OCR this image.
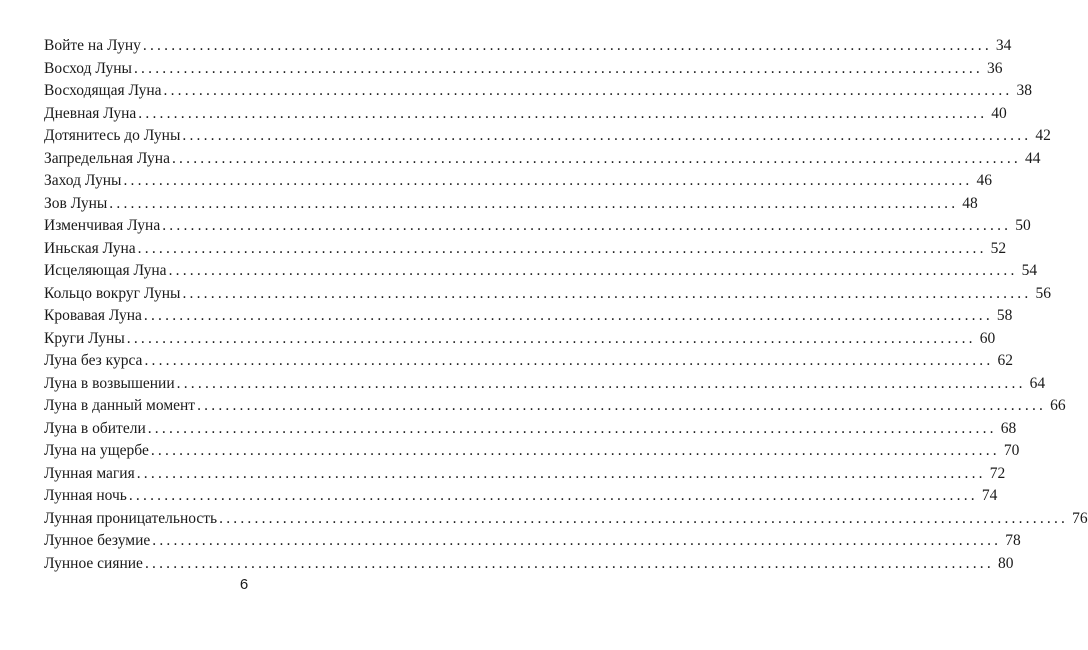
Войте на Луну ........................................................................................................................ 34
Восход Луны ........................................................................................................................ 36
Восходящая Луна ........................................................................................................................ 38
Дневная Луна ........................................................................................................................ 40
Дотянитесь до Луны ........................................................................................................................ 42
Запредельная Луна ........................................................................................................................ 44
Заход Луны ........................................................................................................................ 46
Зов Луны ........................................................................................................................ 48
Изменчивая Луна ........................................................................................................................ 50
Иньская Луна ........................................................................................................................ 52
Исцеляющая Луна ........................................................................................................................ 54
Кольцо вокруг Луны ........................................................................................................................ 56
Кровавая Луна ........................................................................................................................ 58
Круги Луны ........................................................................................................................ 60
Луна без курса ........................................................................................................................ 62
Луна в возвышении ........................................................................................................................ 64
Луна в данный момент ........................................................................................................................ 66
Луна в обители ........................................................................................................................ 68
Луна на ущербе ........................................................................................................................ 70
Лунная магия ........................................................................................................................ 72
Лунная ночь ........................................................................................................................ 74
Лунная проницательность ........................................................................................................................ 76
Лунное безумие ........................................................................................................................ 78
Лунное сияние ........................................................................................................................ 80
6
